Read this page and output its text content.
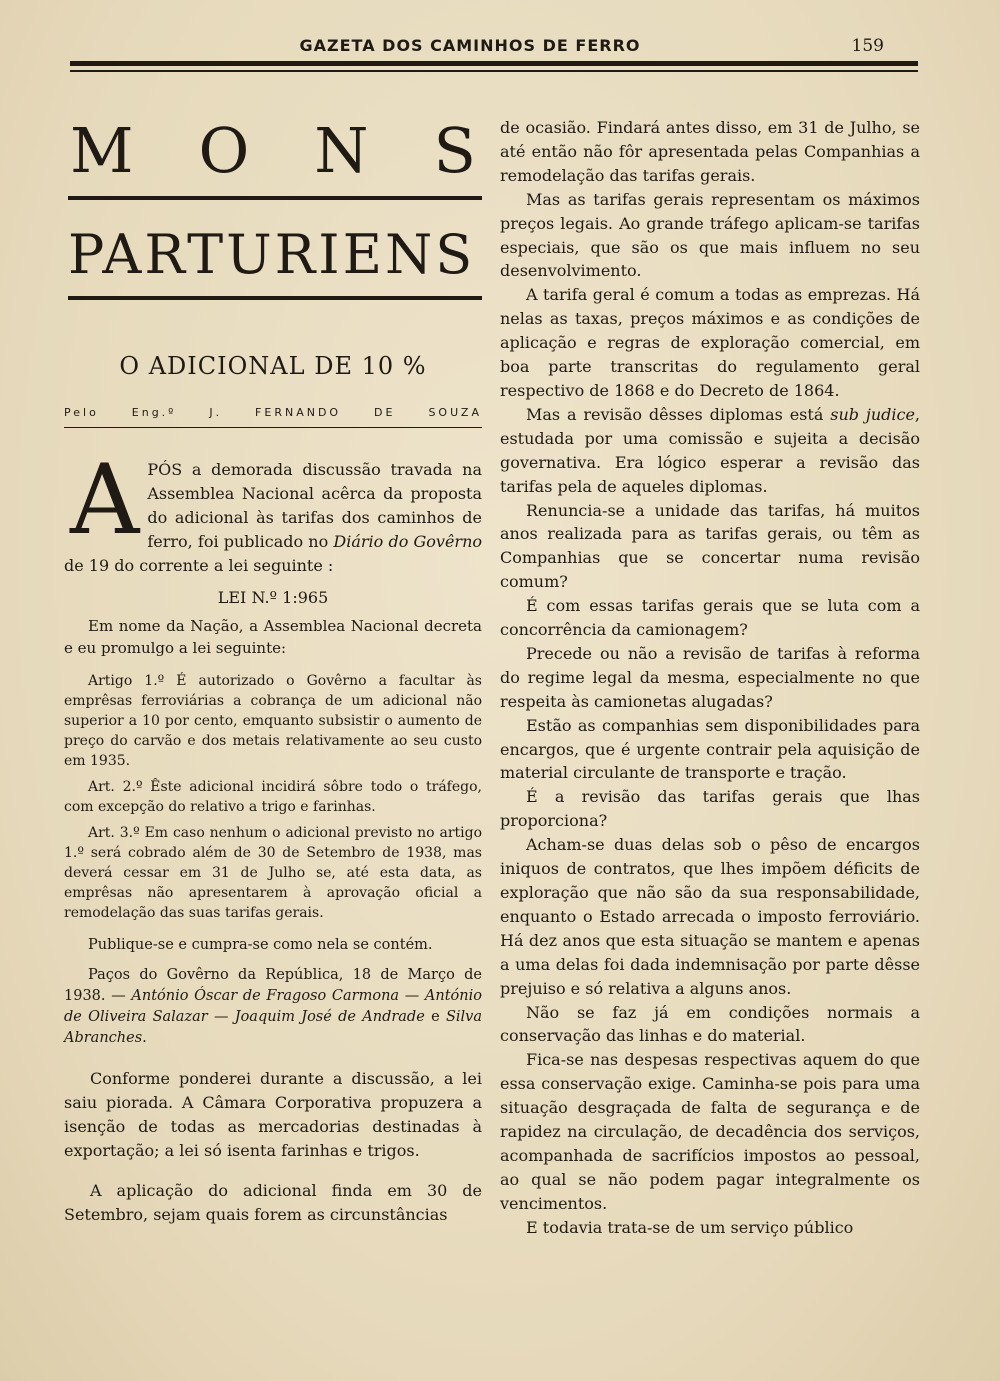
GAZETA DOS CAMINHOS DE FERRO	159
M O N S
PARTURIENS
O ADICIONAL DE 10 %
Pelo	Eng.º	J.	FERNANDO	DE	SOUZA
A PÓS a demorada discussão travada na Assemblea Nacional acêrca da proposta do adicional às tarifas dos caminhos de ferro, foi publicado no Diário do Govêrno de 19 do corrente a lei seguinte :
LEI N.º 1:965

Em nome da Nação, a Assemblea Nacional decreta e eu promulgo a lei seguinte:

Artigo 1.º É autorizado o Govêrno a facultar às emprêsas ferroviárias a cobrança de um adicional não superior a 10 por cento, emquanto subsistir o aumento de preço do carvão e dos metais relativamente ao seu custo em 1935.

Art. 2.º Êste adicional incidirá sôbre todo o tráfego, com excepção do relativo a trigo e farinhas.

Art. 3.º Em caso nenhum o adicional previsto no artigo 1.º será cobrado além de 30 de Setembro de 1938, mas deverá cessar em 31 de Julho se, até esta data, as emprêsas não apresentarem à aprovação oficial a remodelação das suas tarifas gerais.

Publique-se e cumpra-se como nela se contém.

Paços do Govêrno da República, 18 de Março de 1938. — António Óscar de Fragoso Carmona — António de Oliveira Salazar — Joaquim José de Andrade e Silva Abranches.

Conforme ponderei durante a discussão, a lei saiu piorada. A Câmara Corporativa propuzera a isenção de todas as mercadorias destinadas à exportação; a lei só isenta farinhas e trigos.

A aplicação do adicional finda em 30 de Setembro, sejam quais forem as circunstâncias

de ocasião. Findará antes disso, em 31 de Julho, se até então não fôr apresentada pelas Companhias a remodelação das tarifas gerais.

Mas as tarifas gerais representam os máximos preços legais. Ao grande tráfego aplicam-se tarifas especiais, que são os que mais influem no seu desenvolvimento.

A tarifa geral é comum a todas as emprezas. Há nelas as taxas, preços máximos e as condições de aplicação e regras de exploração comercial, em boa parte transcritas do regulamento geral respectivo de 1868 e do Decreto de 1864.

Mas a revisão dêsses diplomas está sub judice, estudada por uma comissão e sujeita a decisão governativa. Era lógico esperar a revisão das tarifas pela de aqueles diplomas.

Renuncia-se a unidade das tarifas, há muitos anos realizada para as tarifas gerais, ou têm as Companhias que se concertar numa revisão comum?

É com essas tarifas gerais que se luta com a concorrência da camionagem?

Precede ou não a revisão de tarifas à reforma do regime legal da mesma, especialmente no que respeita às camionetas alugadas?

Estão as companhias sem disponibilidades para encargos, que é urgente contrair pela aquisição de material circulante de transporte e tração.

É a revisão das tarifas gerais que lhas proporciona?

Acham-se duas delas sob o pêso de encargos iniquos de contratos, que lhes impõem déficits de exploração que não são da sua responsabilidade, enquanto o Estado arrecada o imposto ferroviário. Há dez anos que esta situação se mantem e apenas a uma delas foi dada indemnisação por parte dêsse prejuiso e só relativa a alguns anos.

Não se faz já em condições normais a conservação das linhas e do material.

Fica-se nas despesas respectivas aquem do que essa conservação exige. Caminha-se pois para uma situação desgraçada de falta de segurança e de rapidez na circulação, de decadência dos serviços, acompanhada de sacrifícios impostos ao pessoal, ao qual se não podem pagar integralmente os vencimentos.

E todavia trata-se de um serviço público
